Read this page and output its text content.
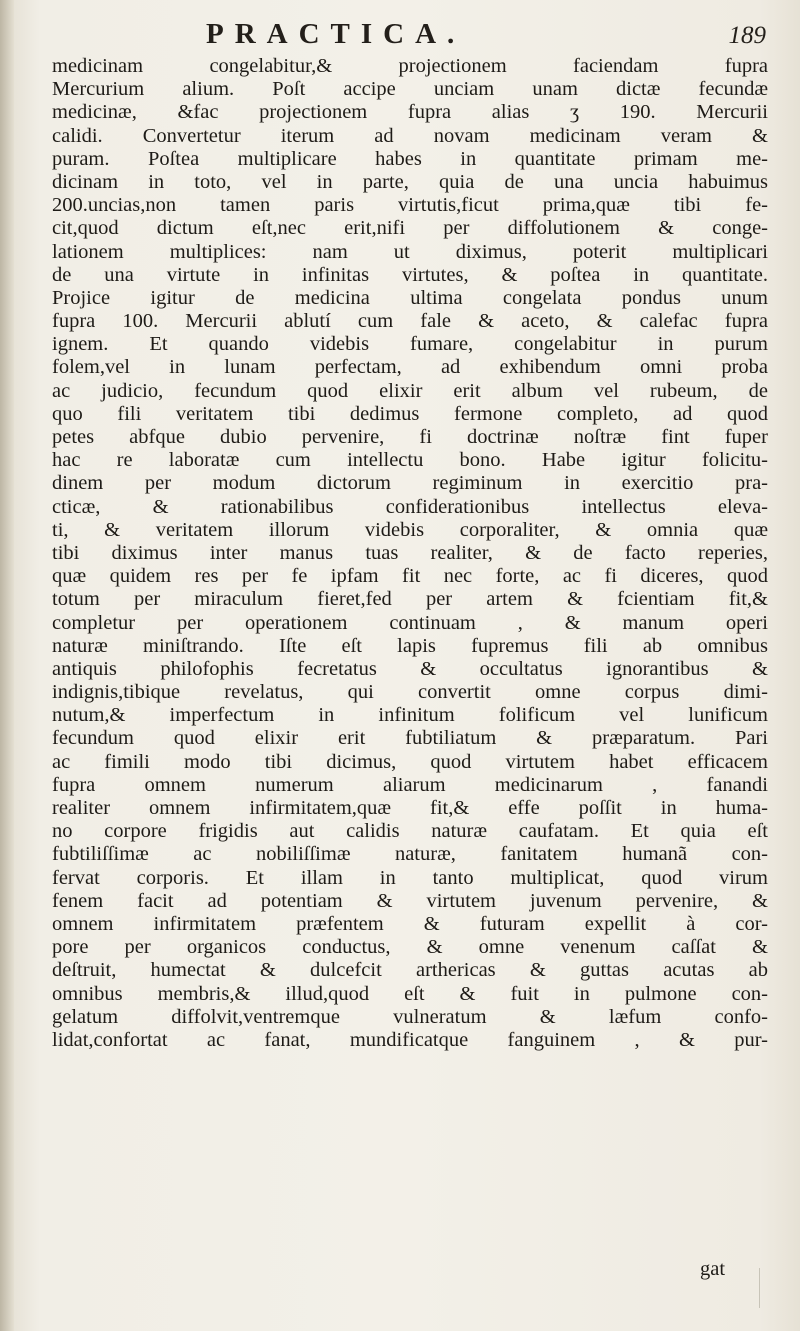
PRACTICA.	189
medicinam congelabitur,& projectionem faciendam fupra
Mercurium alium. Poſt accipe unciam unam dictæ fecundæ
medicinæ, &fac projectionem fupra alias ʒ 190. Mercurii
calidi. Convertetur iterum ad novam medicinam veram &
puram. Poſtea multiplicare habes in quantitate primam me-
dicinam in toto, vel in parte, quia de una uncia habuimus
200.uncias,non tamen paris virtutis,ficut prima,quæ tibi fe-
cit,quod dictum eſt,nec erit,nifi per diffolutionem & conge-
lationem multiplices: nam ut diximus, poterit multiplicari
de una virtute in infinitas virtutes, & poſtea in quantitate.
Projice igitur de medicina ultima congelata pondus unum
fupra 100. Mercurii ablutí cum fale & aceto, & calefac fupra
ignem. Et quando videbis fumare, congelabitur in purum
folem,vel in lunam perfectam, ad exhibendum omni proba
ac judicio, fecundum quod elixir erit album vel rubeum, de
quo fili veritatem tibi dedimus fermone completo, ad quod
petes abfque dubio pervenire, fi doctrinæ noſtræ fint fuper
hac re laboratæ cum intellectu bono. Habe igitur folicitu-
dinem per modum dictorum regiminum in exercitio pra-
cticæ, & rationabilibus confiderationibus intellectus eleva-
ti, & veritatem illorum videbis corporaliter, & omnia quæ
tibi diximus inter manus tuas realiter, & de facto reperies,
quæ quidem res per fe ipfam fit nec forte, ac fi diceres, quod
totum per miraculum fieret,fed per artem & fcientiam fit,&
completur per operationem continuam , & manum operi
naturæ miniſtrando. Iſte eſt lapis fupremus fili ab omnibus
antiquis philofophis fecretatus & occultatus ignorantibus &
indignis,tibique revelatus, qui convertit omne corpus dimi-
nutum,& imperfectum in infinitum folificum vel lunificum
fecundum quod elixir erit fubtiliatum & præparatum. Pari
ac fimili modo tibi dicimus, quod virtutem habet efficacem
fupra omnem numerum aliarum medicinarum , fanandi
realiter omnem infirmitatem,quæ fit,& effe poſſit in huma-
no corpore frigidis aut calidis naturæ caufatam. Et quia eſt
fubtiliſſimæ ac nobiliſſimæ naturæ, fanitatem humanã con-
fervat corporis. Et illam in tanto multiplicat, quod virum
fenem facit ad potentiam & virtutem juvenum pervenire, &
omnem infirmitatem præfentem & futuram expellit à cor-
pore per organicos conductus, & omne venenum caſſat &
deſtruit, humectat & dulcefcit arthericas & guttas acutas ab
omnibus membris,& illud,quod eſt & fuit in pulmone con-
gelatum diffolvit,ventremque vulneratum & læfum confo-
lidat,confortat ac fanat, mundificatque fanguinem , & pur-
gat
